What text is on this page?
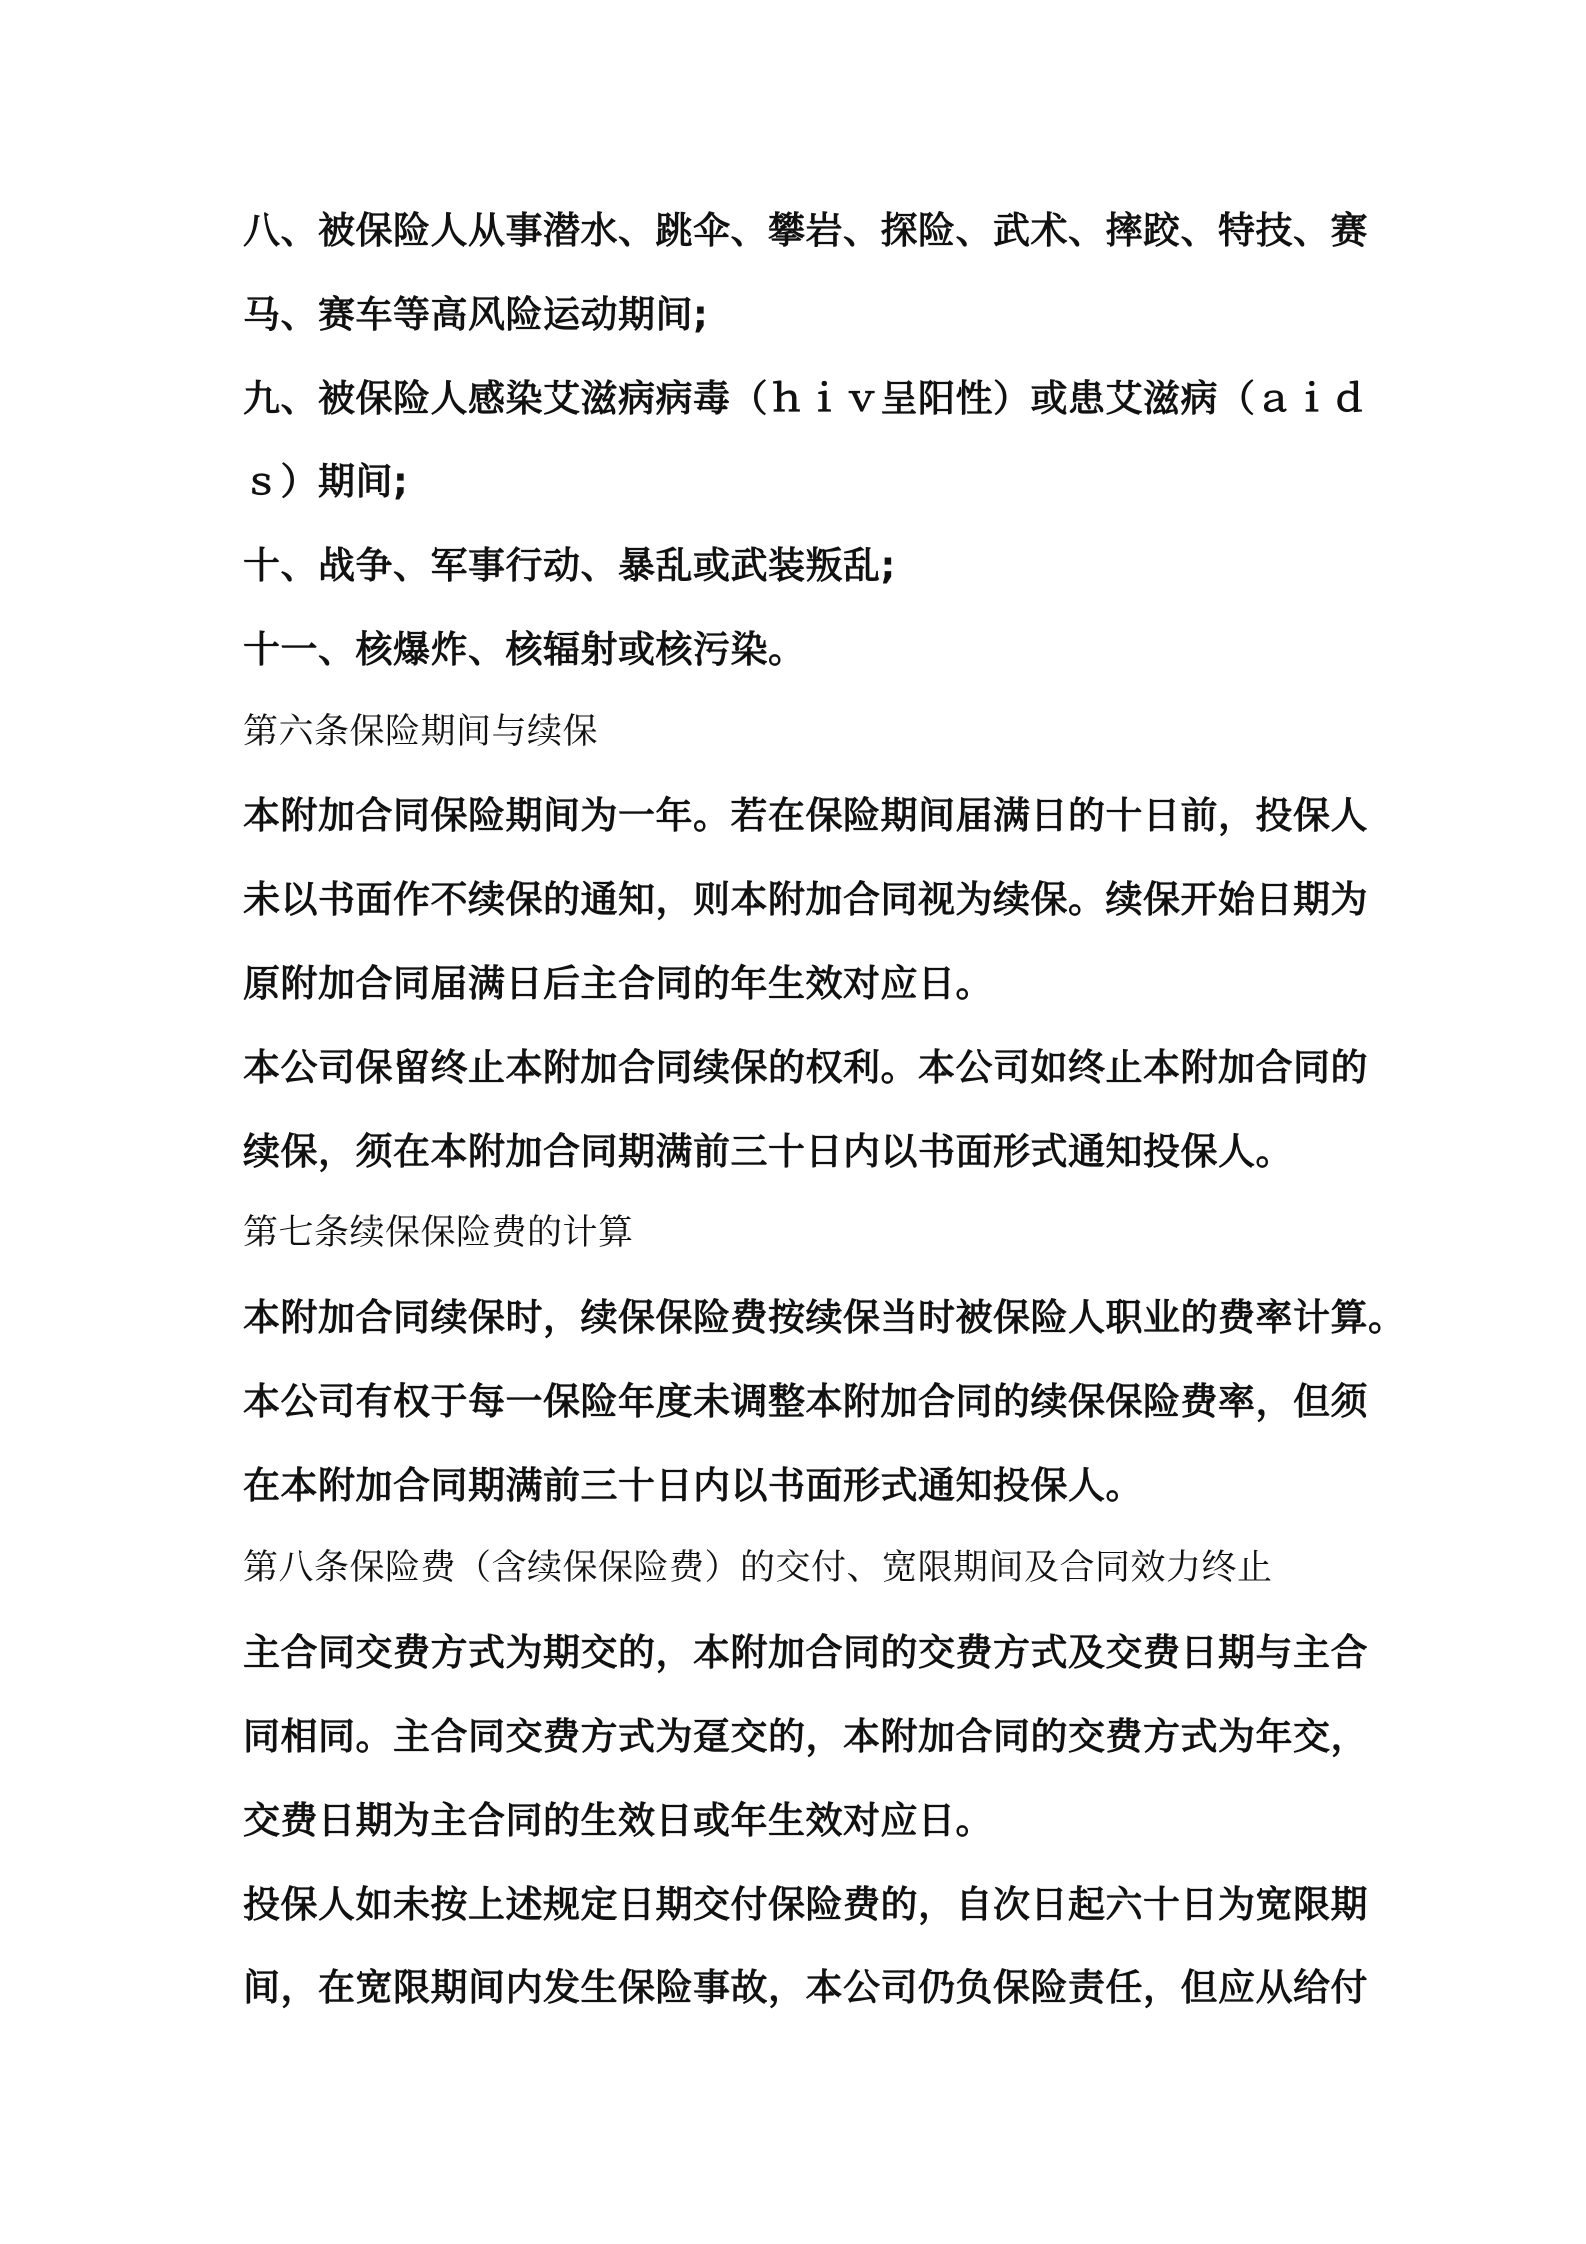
八、被保险人从事潜水、跳伞、攀岩、探险、武术、摔跤、特技、赛
马、赛车等高风险运动期间;
九、被保险人感染艾滋病病毒（ｈｉｖ呈阳性）或患艾滋病（ａｉｄ
ｓ）期间;
十、战争、军事行动、暴乱或武装叛乱;
十一、核爆炸、核辐射或核污染。
第六条保险期间与续保
本附加合同保险期间为一年。若在保险期间届满日的十日前，投保人
未以书面作不续保的通知，则本附加合同视为续保。续保开始日期为
原附加合同届满日后主合同的年生效对应日。
本公司保留终止本附加合同续保的权利。本公司如终止本附加合同的
续保，须在本附加合同期满前三十日内以书面形式通知投保人。
第七条续保保险费的计算
本附加合同续保时，续保保险费按续保当时被保险人职业的费率计算。
本公司有权于每一保险年度未调整本附加合同的续保保险费率，但须
在本附加合同期满前三十日内以书面形式通知投保人。
第八条保险费（含续保保险费）的交付、宽限期间及合同效力终止
主合同交费方式为期交的，本附加合同的交费方式及交费日期与主合
同相同。主合同交费方式为趸交的，本附加合同的交费方式为年交，
交费日期为主合同的生效日或年生效对应日。
投保人如未按上述规定日期交付保险费的，自次日起六十日为宽限期
间，在宽限期间内发生保险事故，本公司仍负保险责任，但应从给付
